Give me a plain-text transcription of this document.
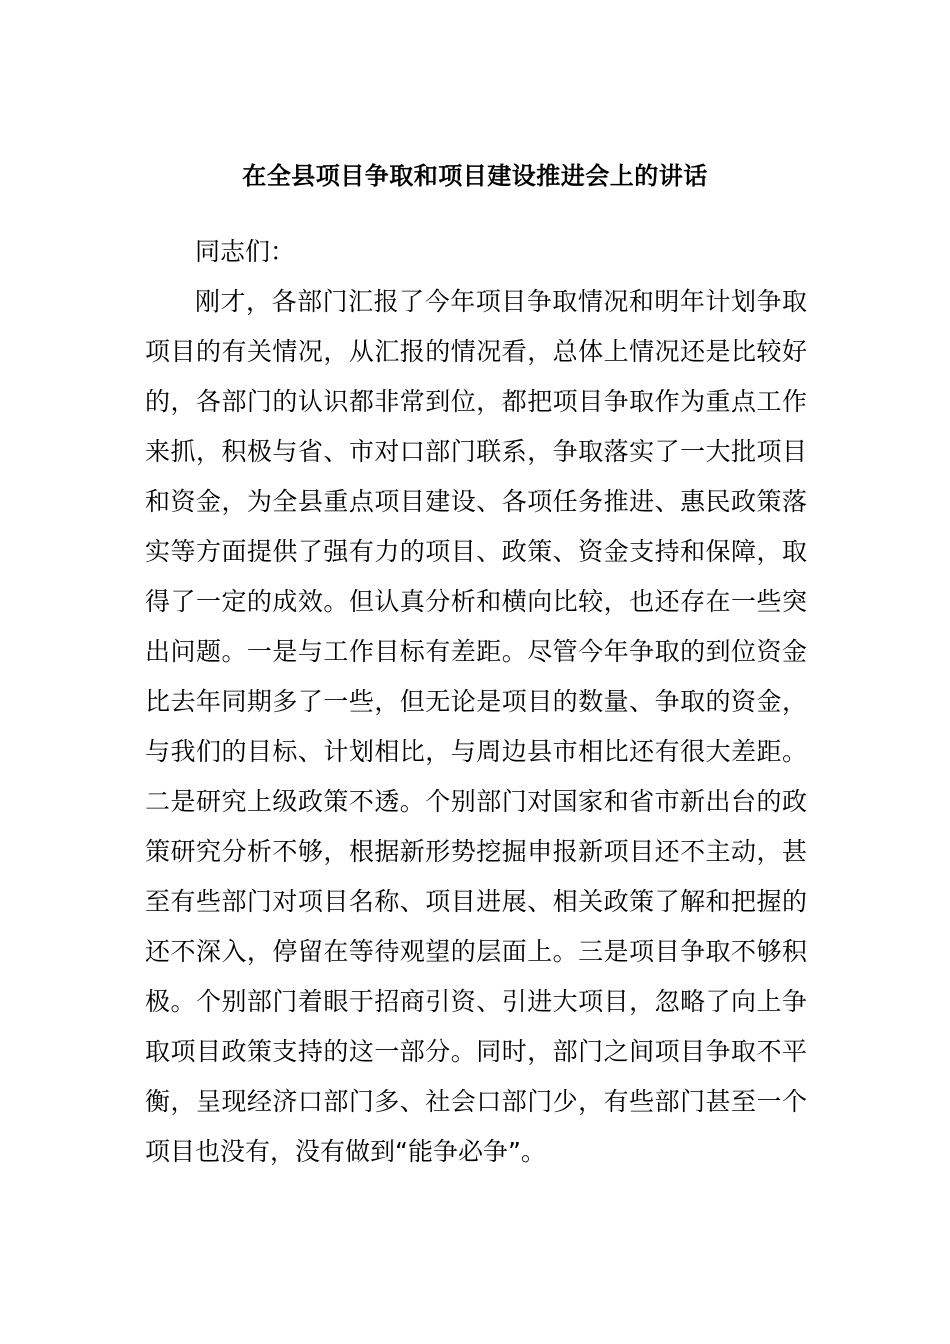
在全县项目争取和项目建设推进会上的讲话

同志们：

刚才，各部门汇报了今年项目争取情况和明年计划争取项目的有关情况，从汇报的情况看，总体上情况还是比较好的，各部门的认识都非常到位，都把项目争取作为重点工作来抓，积极与省、市对口部门联系，争取落实了一大批项目和资金，为全县重点项目建设、各项任务推进、惠民政策落实等方面提供了强有力的项目、政策、资金支持和保障，取得了一定的成效。但认真分析和横向比较，也还存在一些突出问题。一是与工作目标有差距。尽管今年争取的到位资金比去年同期多了一些，但无论是项目的数量、争取的资金，与我们的目标、计划相比，与周边县市相比还有很大差距。二是研究上级政策不透。个别部门对国家和省市新出台的政策研究分析不够，根据新形势挖掘申报新项目还不主动，甚至有些部门对项目名称、项目进展、相关政策了解和把握的还不深入，停留在等待观望的层面上。三是项目争取不够积极。个别部门着眼于招商引资、引进大项目，忽略了向上争取项目政策支持的这一部分。同时，部门之间项目争取不平衡，呈现经济口部门多、社会口部门少，有些部门甚至一个项目也没有，没有做到“能争必争”。
